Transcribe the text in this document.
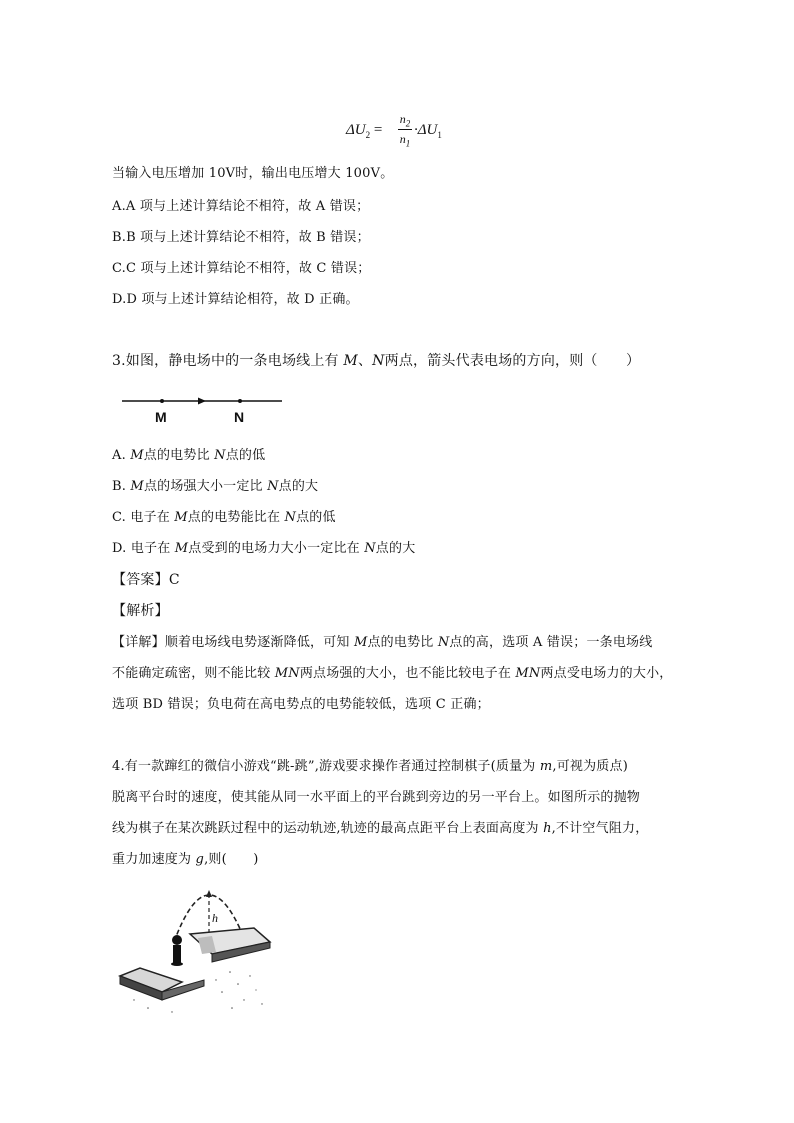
$\Delta U_2$ =
$n_2$
$n_1$
$\cdot\Delta U_1$
当输入电压增加 10V时，输出电压增大 100V。
A.A 项与上述计算结论不相符，故 A 错误；
B.B 项与上述计算结论不相符，故 B 错误；
C.C 项与上述计算结论不相符，故 C 错误；
D.D 项与上述计算结论相符，故 D 正确。
3.如图，静电场中的一条电场线上有 M、N两点，箭头代表电场的方向，则（　　）
M	N
A. M点的电势比 N点的低
B. M点的场强大小一定比 N点的大
C. 电子在 M点的电势能比在 N点的低
D. 电子在 M点受到的电场力大小一定比在 N点的大
【答案】C
【解析】
【详解】顺着电场线电势逐渐降低，可知 M点的电势比 N点的高，选项 A 错误；一条电场线
不能确定疏密，则不能比较 MN两点场强的大小，也不能比较电子在 MN两点受电场力的大小，
选项 BD 错误；负电荷在高电势点的电势能较低，选项 C 正确；
4.有一款蹿红的微信小游戏“跳-跳”,游戏要求操作者通过控制棋子(质量为 m,可视为质点)
脱离平台时的速度，使其能从同一水平面上的平台跳到旁边的另一平台上。如图所示的抛物
线为棋子在某次跳跃过程中的运动轨迹,轨迹的最高点距平台上表面高度为 h,不计空气阻力，
重力加速度为 g,则(　　)
h
